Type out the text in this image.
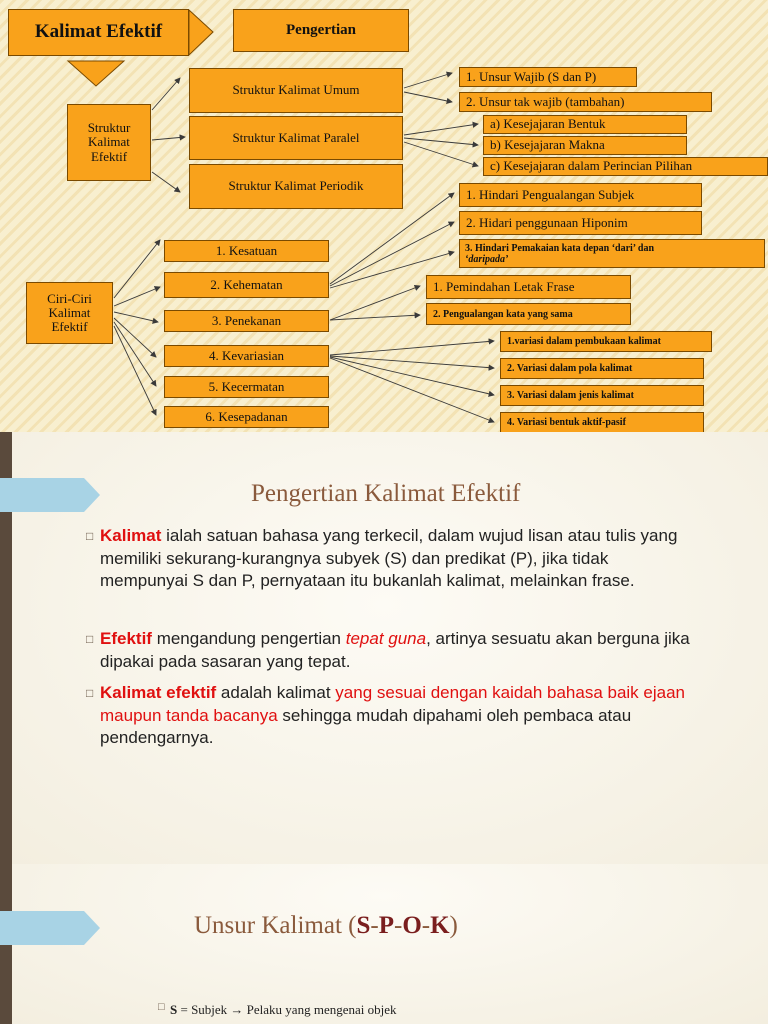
Kalimat Efektif	Pengertian
Struktur
Kalimat
Efektif
Struktur Kalimat Umum
Struktur Kalimat Paralel
Struktur Kalimat Periodik
1. Unsur Wajib (S dan P)
2. Unsur tak wajib (tambahan)
a) Kesejajaran Bentuk
b) Kesejajaran Makna
c) Kesejajaran dalam Perincian Pilihan
Ciri-Ciri
Kalimat
Efektif
1. Kesatuan
2. Kehematan
3. Penekanan
4. Kevariasian
5. Kecermatan
6. Kesepadanan
1. Hindari Pengualangan Subjek
2. Hidari penggunaan Hiponim
3. Hindari Pemakaian kata depan ‘dari’ dan
‘daripada’
1. Pemindahan Letak Frase
2. Pengualangan kata yang sama
1.variasi dalam pembukaan kalimat
2. Variasi dalam pola kalimat
3. Variasi dalam jenis kalimat
4. Variasi bentuk aktif-pasif
Pengertian Kalimat Efektif
□ Kalimat ialah satuan bahasa yang terkecil, dalam wujud lisan atau tulis yang memiliki sekurang-kurangnya subyek (S) dan predikat (P), jika tidak mempunyai S dan P, pernyataan itu bukanlah kalimat, melainkan frase.
□ Efektif mengandung pengertian tepat guna, artinya sesuatu akan berguna jika dipakai pada sasaran yang tepat.
□ Kalimat efektif adalah kalimat yang sesuai dengan kaidah bahasa baik ejaan maupun tanda bacanya sehingga mudah dipahami oleh pembaca atau pendengarnya.
Unsur Kalimat (S-P-O-K)
□ S = Subjek → Pelaku yang mengenai objek
